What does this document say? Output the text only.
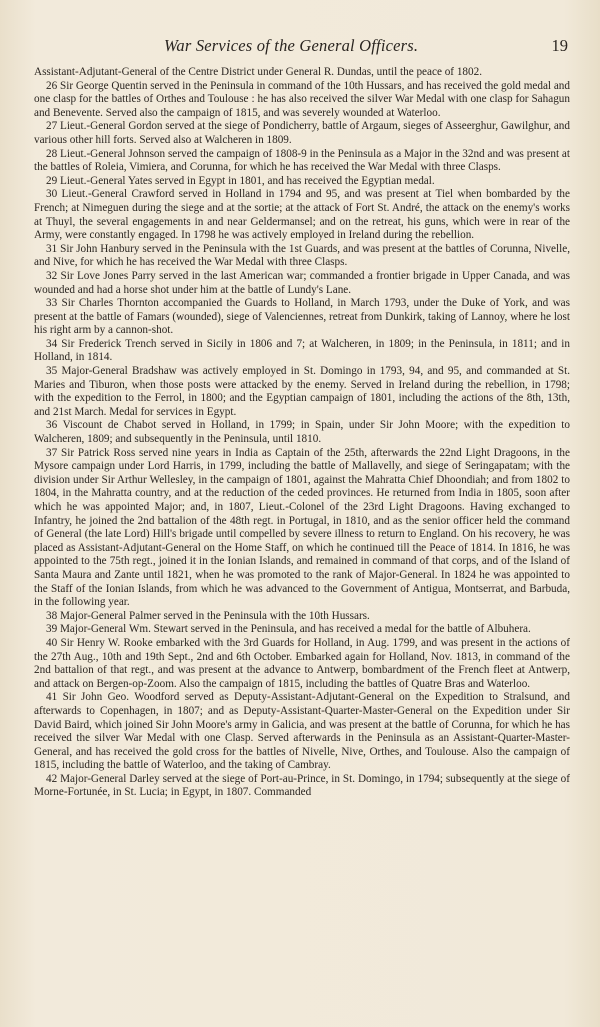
War Services of the General Officers.	19

Assistant-Adjutant-General of the Centre District under General R. Dundas, until the peace of 1802.

26 Sir George Quentin served in the Peninsula in command of the 10th Hussars, and has received the gold medal and one clasp for the battles of Orthes and Toulouse : he has also received the silver War Medal with one clasp for Sahagun and Benevente. Served also the campaign of 1815, and was severely wounded at Waterloo.

27 Lieut.-General Gordon served at the siege of Pondicherry, battle of Argaum, sieges of Asseerghur, Gawilghur, and various other hill forts. Served also at Walcheren in 1809.

28 Lieut.-General Johnson served the campaign of 1808-9 in the Peninsula as a Major in the 32nd and was present at the battles of Roleia, Vimiera, and Corunna, for which he has received the War Medal with three Clasps.

29 Lieut.-General Yates served in Egypt in 1801, and has received the Egyptian medal.

30 Lieut.-General Crawford served in Holland in 1794 and 95, and was present at Tiel when bombarded by the French; at Nimeguen during the siege and at the sortie; at the attack of Fort St. André, the attack on the enemy's works at Thuyl, the several engagements in and near Geldermansel; and on the retreat, his guns, which were in rear of the Army, were constantly engaged. In 1798 he was actively employed in Ireland during the rebellion.

31 Sir John Hanbury served in the Peninsula with the 1st Guards, and was present at the battles of Corunna, Nivelle, and Nive, for which he has received the War Medal with three Clasps.

32 Sir Love Jones Parry served in the last American war; commanded a frontier brigade in Upper Canada, and was wounded and had a horse shot under him at the battle of Lundy's Lane.

33 Sir Charles Thornton accompanied the Guards to Holland, in March 1793, under the Duke of York, and was present at the battle of Famars (wounded), siege of Valenciennes, retreat from Dunkirk, taking of Lannoy, where he lost his right arm by a cannon-shot.

34 Sir Frederick Trench served in Sicily in 1806 and 7; at Walcheren, in 1809; in the Peninsula, in 1811; and in Holland, in 1814.

35 Major-General Bradshaw was actively employed in St. Domingo in 1793, 94, and 95, and commanded at St. Maries and Tiburon, when those posts were attacked by the enemy. Served in Ireland during the rebellion, in 1798; with the expedition to the Ferrol, in 1800; and the Egyptian campaign of 1801, including the actions of the 8th, 13th, and 21st March. Medal for services in Egypt.

36 Viscount de Chabot served in Holland, in 1799; in Spain, under Sir John Moore; with the expedition to Walcheren, 1809; and subsequently in the Peninsula, until 1810.

37 Sir Patrick Ross served nine years in India as Captain of the 25th, afterwards the 22nd Light Dragoons, in the Mysore campaign under Lord Harris, in 1799, including the battle of Mallavelly, and siege of Seringapatam; with the division under Sir Arthur Wellesley, in the campaign of 1801, against the Mahratta Chief Dhoondiah; and from 1802 to 1804, in the Mahratta country, and at the reduction of the ceded provinces. He returned from India in 1805, soon after which he was appointed Major; and, in 1807, Lieut.-Colonel of the 23rd Light Dragoons. Having exchanged to Infantry, he joined the 2nd battalion of the 48th regt. in Portugal, in 1810, and as the senior officer held the command of General (the late Lord) Hill's brigade until compelled by severe illness to return to England. On his recovery, he was placed as Assistant-Adjutant-General on the Home Staff, on which he continued till the Peace of 1814. In 1816, he was appointed to the 75th regt., joined it in the Ionian Islands, and remained in command of that corps, and of the Island of Santa Maura and Zante until 1821, when he was promoted to the rank of Major-General. In 1824 he was appointed to the Staff of the Ionian Islands, from which he was advanced to the Government of Antigua, Montserrat, and Barbuda, in the following year.

38 Major-General Palmer served in the Peninsula with the 10th Hussars.

39 Major-General Wm. Stewart served in the Peninsula, and has received a medal for the battle of Albuhera.

40 Sir Henry W. Rooke embarked with the 3rd Guards for Holland, in Aug. 1799, and was present in the actions of the 27th Aug., 10th and 19th Sept., 2nd and 6th October. Embarked again for Holland, Nov. 1813, in command of the 2nd battalion of that regt., and was present at the advance to Antwerp, bombardment of the French fleet at Antwerp, and attack on Bergen-op-Zoom. Also the campaign of 1815, including the battles of Quatre Bras and Waterloo.

41 Sir John Geo. Woodford served as Deputy-Assistant-Adjutant-General on the Expedition to Stralsund, and afterwards to Copenhagen, in 1807; and as Deputy-Assistant-Quarter-Master-General on the Expedition under Sir David Baird, which joined Sir John Moore's army in Galicia, and was present at the battle of Corunna, for which he has received the silver War Medal with one Clasp. Served afterwards in the Peninsula as an Assistant-Quarter-Master-General, and has received the gold cross for the battles of Nivelle, Nive, Orthes, and Toulouse. Also the campaign of 1815, including the battle of Waterloo, and the taking of Cambray.

42 Major-General Darley served at the siege of Port-au-Prince, in St. Domingo, in 1794; subsequently at the siege of Morne-Fortunée, in St. Lucia; in Egypt, in 1807. Commanded
